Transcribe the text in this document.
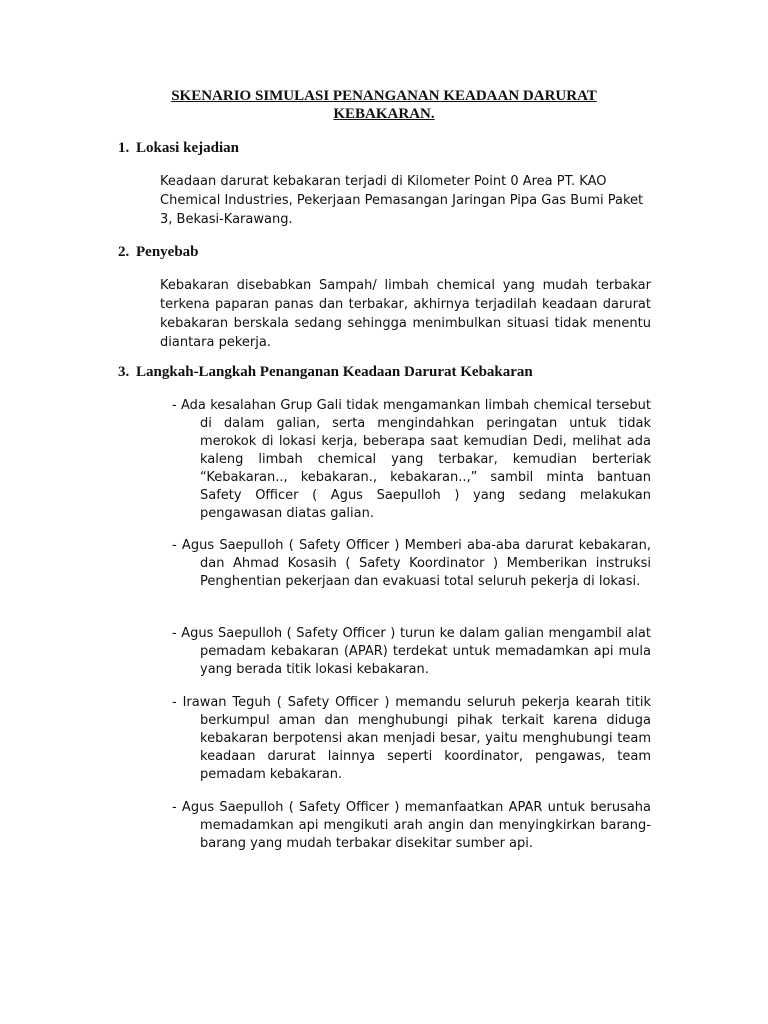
SKENARIO SIMULASI PENANGANAN KEADAAN DARURAT
KEBAKARAN.
1. Lokasi kejadian
Keadaan darurat kebakaran terjadi di Kilometer Point 0 Area PT. KAO Chemical Industries, Pekerjaan Pemasangan Jaringan Pipa Gas Bumi Paket 3, Bekasi-Karawang.
2. Penyebab
Kebakaran disebabkan Sampah/ limbah chemical yang mudah terbakar terkena paparan panas dan terbakar, akhirnya terjadilah keadaan darurat kebakaran berskala sedang sehingga menimbulkan situasi tidak menentu diantara pekerja.
3. Langkah-Langkah Penanganan Keadaan Darurat Kebakaran
- Ada kesalahan Grup Gali tidak mengamankan limbah chemical tersebut di dalam galian, serta mengindahkan peringatan untuk tidak merokok di lokasi kerja, beberapa saat kemudian Dedi, melihat ada kaleng limbah chemical yang terbakar, kemudian berteriak “Kebakaran.., kebakaran., kebakaran..,” sambil minta bantuan Safety Officer ( Agus Saepulloh ) yang sedang melakukan pengawasan diatas galian.
- Agus Saepulloh ( Safety Officer ) Memberi aba-aba darurat kebakaran, dan Ahmad Kosasih ( Safety Koordinator ) Memberikan instruksi Penghentian pekerjaan dan evakuasi total seluruh pekerja di lokasi.
- Agus Saepulloh ( Safety Officer ) turun ke dalam galian mengambil alat pemadam kebakaran (APAR) terdekat untuk memadamkan api mula yang berada titik lokasi kebakaran.
- Irawan Teguh ( Safety Officer ) memandu seluruh pekerja kearah titik berkumpul aman dan menghubungi pihak terkait karena diduga kebakaran berpotensi akan menjadi besar, yaitu menghubungi team keadaan darurat lainnya seperti koordinator, pengawas, team pemadam kebakaran.
- Agus Saepulloh ( Safety Officer ) memanfaatkan APAR untuk berusaha memadamkan api mengikuti arah angin dan menyingkirkan barang-barang yang mudah terbakar disekitar sumber api.
